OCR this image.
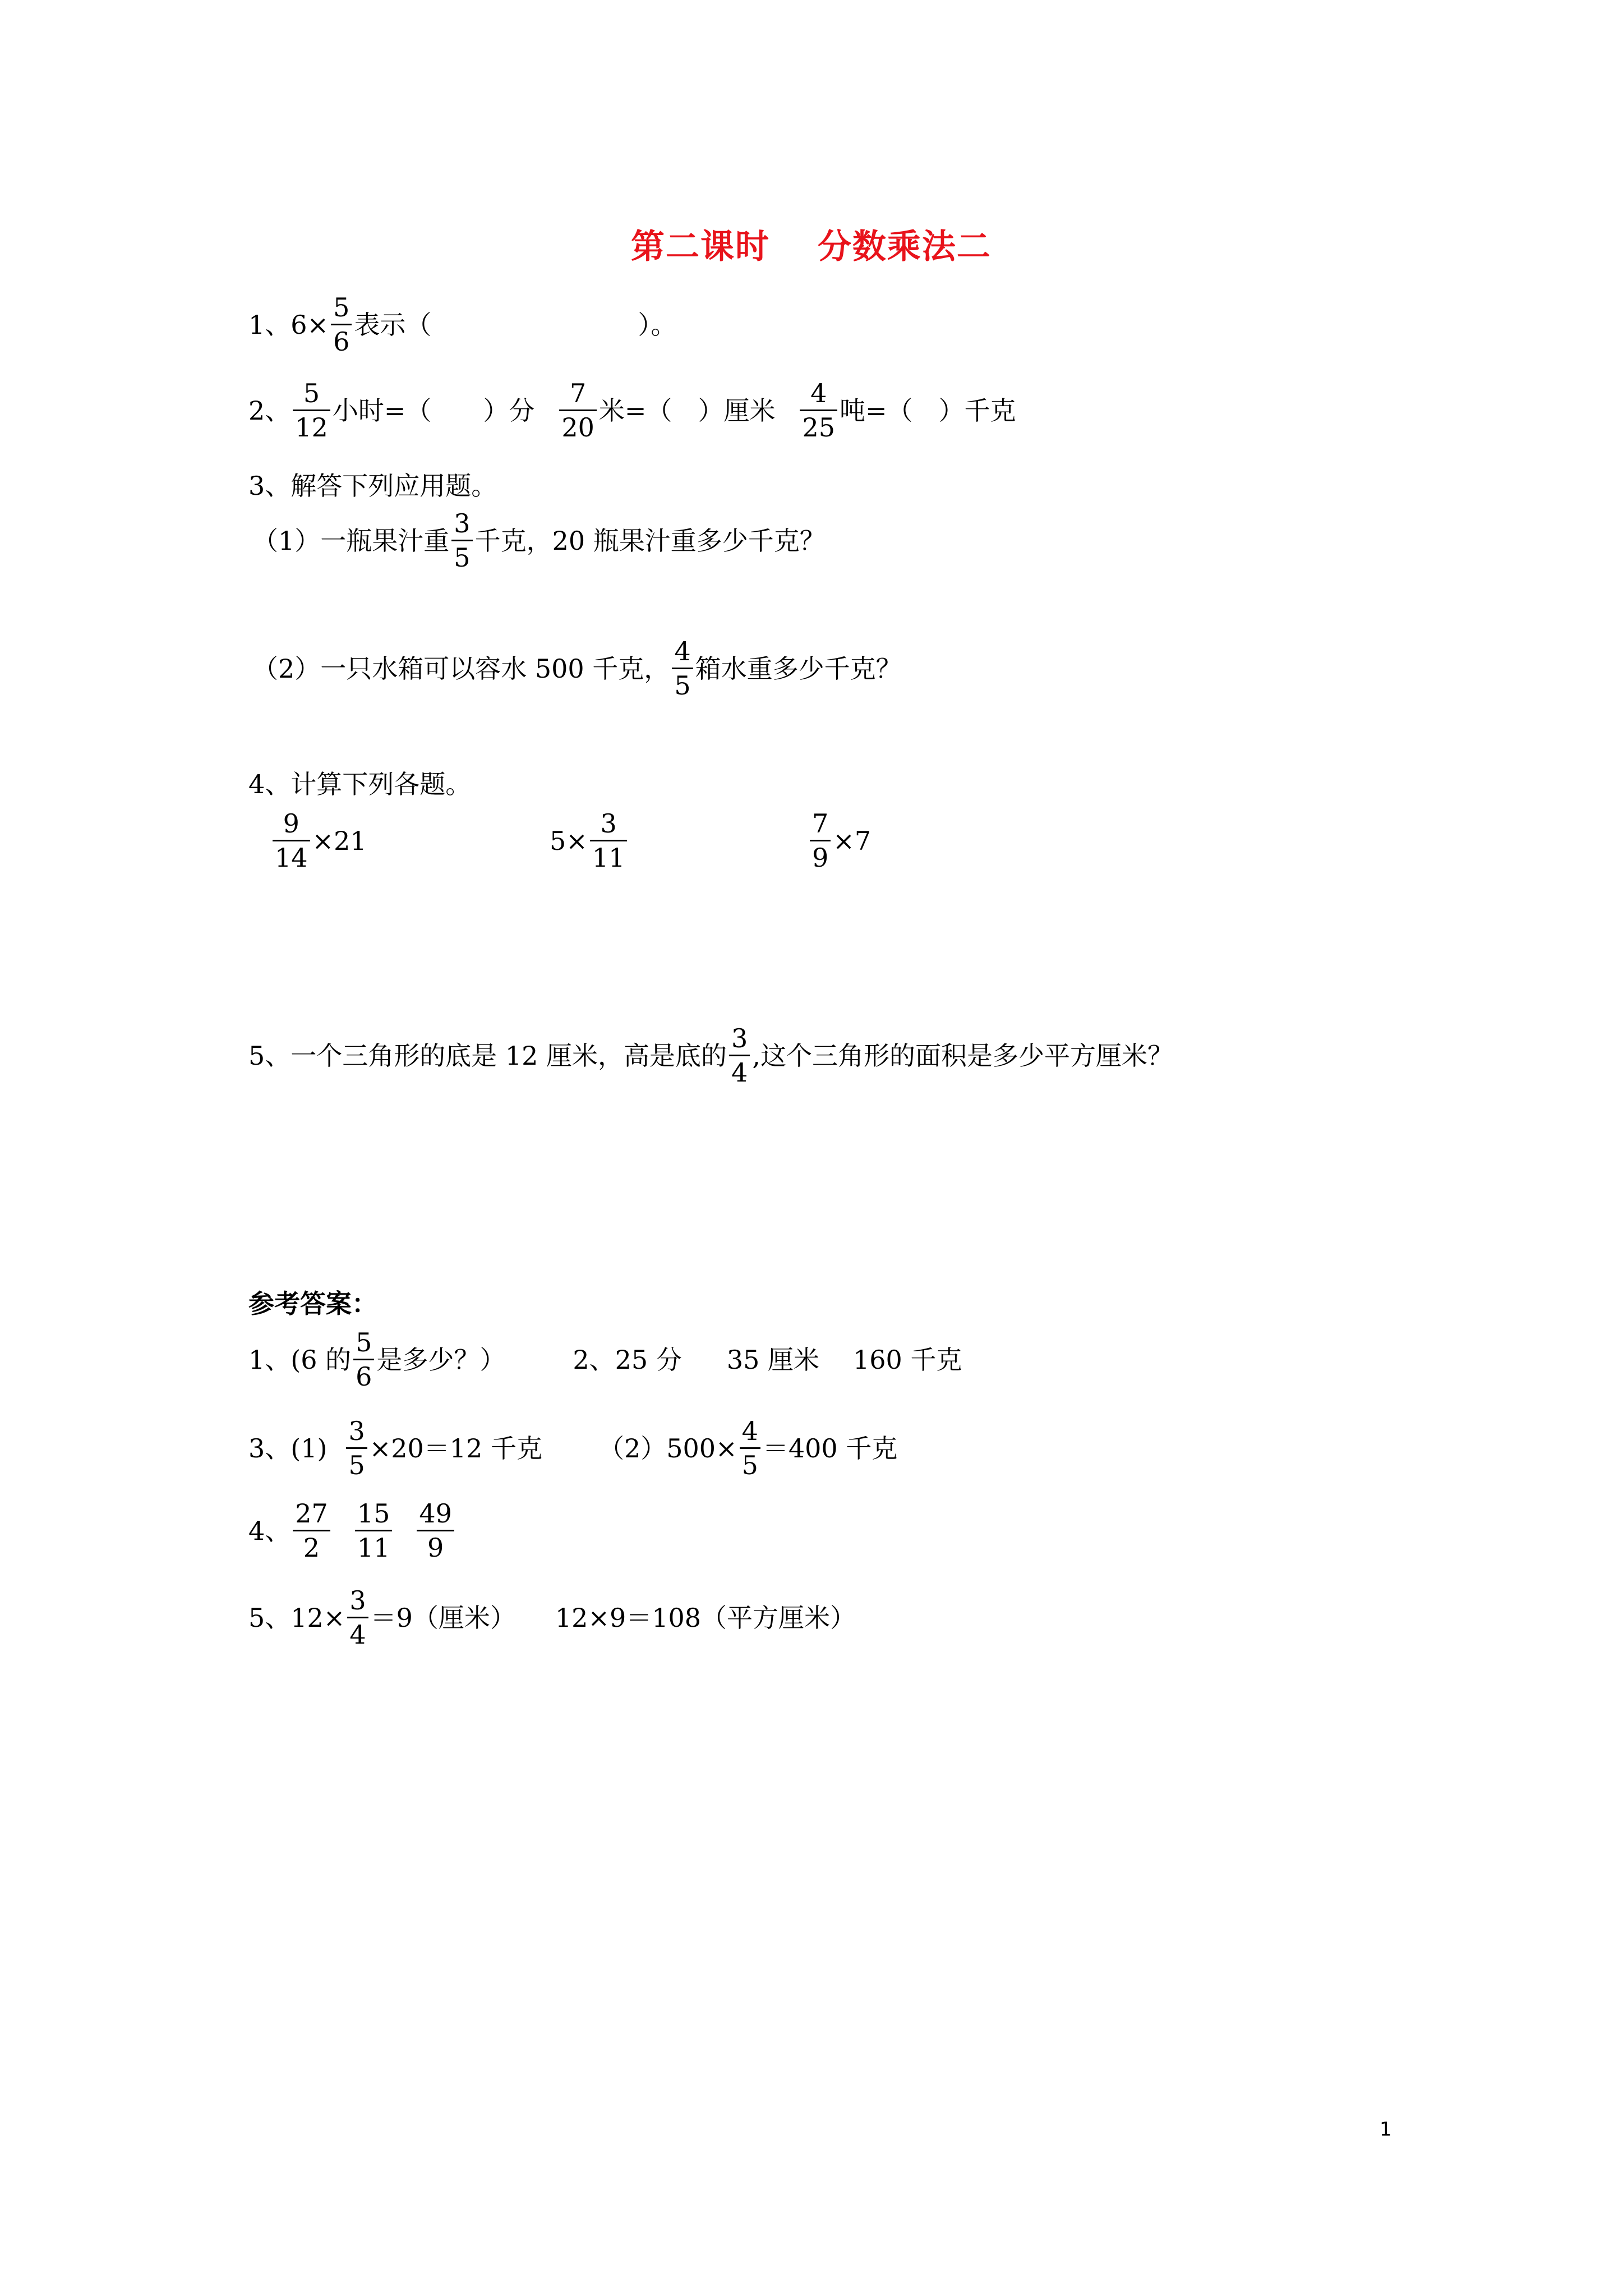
第二课时　 分数乘法二
1、$6\times \frac{5}{6}$ 表示（　　　　　　　　）。
2、 $\frac{5}{12}$ 小时=（　　）分 $\frac{7}{20}$ 米=（　）厘米 $\frac{4}{25}$ 吨=（　）千克
3、解答下列应用题。
（1）一瓶果汁重 $\frac{3}{5}$ 千克，20 瓶果汁重多少千克？
（2）一只水箱可以容水 500 千克， $\frac{4}{5}$ 箱水重多少千克？
4、计算下列各题。
$\frac{9}{14} \times 21$	$5\times \frac{3}{11}$	$\frac{7}{9} \times 7$
5、一个三角形的底是 12 厘米，高是底的 $\frac{3}{4}$ ,这个三角形的面积是多少平方厘米？
参考答案：
1、(6 的 $\frac{5}{6}$ 是多少？）	2、25 分 35 厘米 160 千克
3、$(1) \frac{3}{5} \times 20=12$ 千克 $(2)500\times \frac{4}{5} =400$ 千克
4、 $\frac{27}{2} \frac{15}{11} \frac{49}{9}$
5、$12\times \frac{3}{4} =9$（厘米） 12×9＝108（平方厘米）
1
